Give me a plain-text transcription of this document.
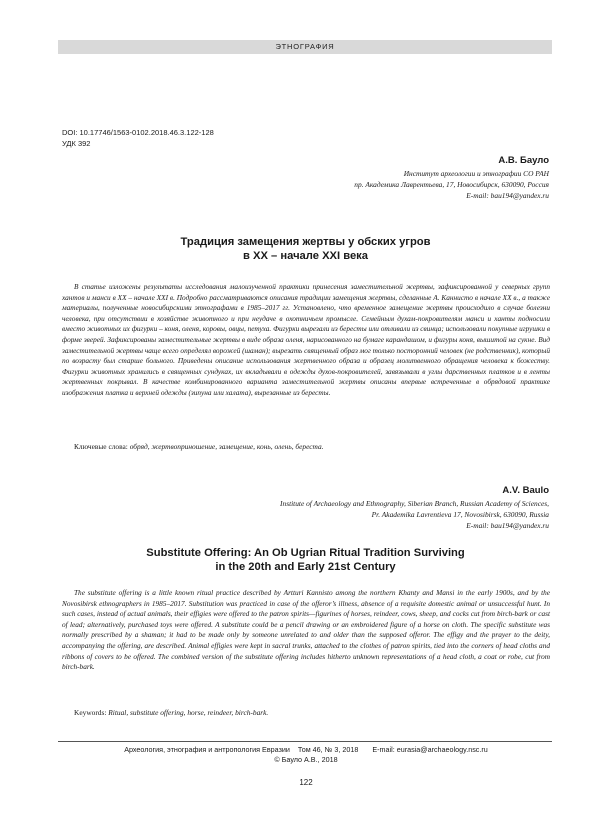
ЭТНОГРАФИЯ
DOI: 10.17746/1563-0102.2018.46.3.122-128
УДК 392
А.В. Бауло
Институт археологии и этнографии СО РАН
пр. Академика Лаврентьева, 17, Новосибирск, 630090, Россия
E-mail: bau194@yandex.ru
Традиция замещения жертвы у обских угров
в XX – начале XXI века

В статье изложены результаты исследования малоизученной практики принесения заместительной жертвы, зафиксированной у северных групп хантов и манси в XX – начале XXI в. Подробно рассматриваются описания традиции замещения жертвы, сделанные А. Каннисто в начале XX в., а также материалы, полученные новосибирскими этнографами в 1985–2017 гг. Установлено, что временное замещение жертвы происходило в случае болезни человека, при отсутствии в хозяйстве животного и при неудаче в охотничьем промысле. Семейным духам-покровителям манси и ханты подносили вместо животных их фигурки – коня, оленя, коровы, овцы, петуха. Фигурки вырезали из бересты или отливали из свинца; использовали покупные игрушки в форме зверей. Зафиксированы заместительные жертвы в виде образа оленя, нарисованного на бумаге карандашом, и фигуры коня, вышитой на сукне. Вид заместительной жертвы чаще всего определял ворожей (шаман); вырезать священный образ мог только посторонний человек (не родственник), который по возрасту был старше больного. Приведены описание использования жертвенного образа и образец молитвенного обращения человека к божеству. Фигурки животных хранились в священных сундуках, их вкладывали в одежды духов-покровителей, завязывали в углы дарственных платков и в ленты жертвенных покрывал. В качестве комбинированного варианта заместительной жертвы описаны впервые встреченные в обрядовой практике изображения платка и верхней одежды (зипуна или халата), вырезанные из бересты.

Ключевые слова: обряд, жертвоприношение, замещение, конь, олень, береста.
A.V. Baulo
Institute of Archaeology and Ethnography, Siberian Branch, Russian Academy of Sciences,
Pr. Akademika Lavrentieva 17, Novosibirsk, 630090, Russia
E-mail: bau194@yandex.ru
Substitute Offering: An Ob Ugrian Ritual Tradition Surviving
in the 20th and Early 21st Century

The substitute offering is a little known ritual practice described by Artturi Kannisto among the northern Khanty and Mansi in the early 1900s, and by the Novosibirsk ethnographers in 1985–2017. Substitution was practiced in case of the offeror’s illness, absence of a requisite domestic animal or unsuccessful hunt. In such cases, instead of actual animals, their effigies were offered to the patron spirits—figurines of horses, reindeer, cows, sheep, and cocks cut from birch-bark or cast of lead; alternatively, purchased toys were offered. A substitute could be a pencil drawing or an embroidered figure of a horse on cloth. The specific substitute was normally prescribed by a shaman; it had to be made only by someone unrelated to and older than the supposed offeror. The effigy and the prayer to the deity, accompanying the offering, are described. Animal effigies were kept in sacral trunks, attached to the clothes of patron spirits, tied into the corners of head cloths and ribbons of covers to be offered. The combined version of the substitute offering includes hitherto unknown representations of a head cloth, a coat or robe, cut from birch-bark.

Keywords: Ritual, substitute offering, horse, reindeer, birch-bark.
Археология, этнография и антропология Евразии Том 46, № 3, 2018 E-mail: eurasia@archaeology.nsc.ru
© Бауло А.В., 2018
122
